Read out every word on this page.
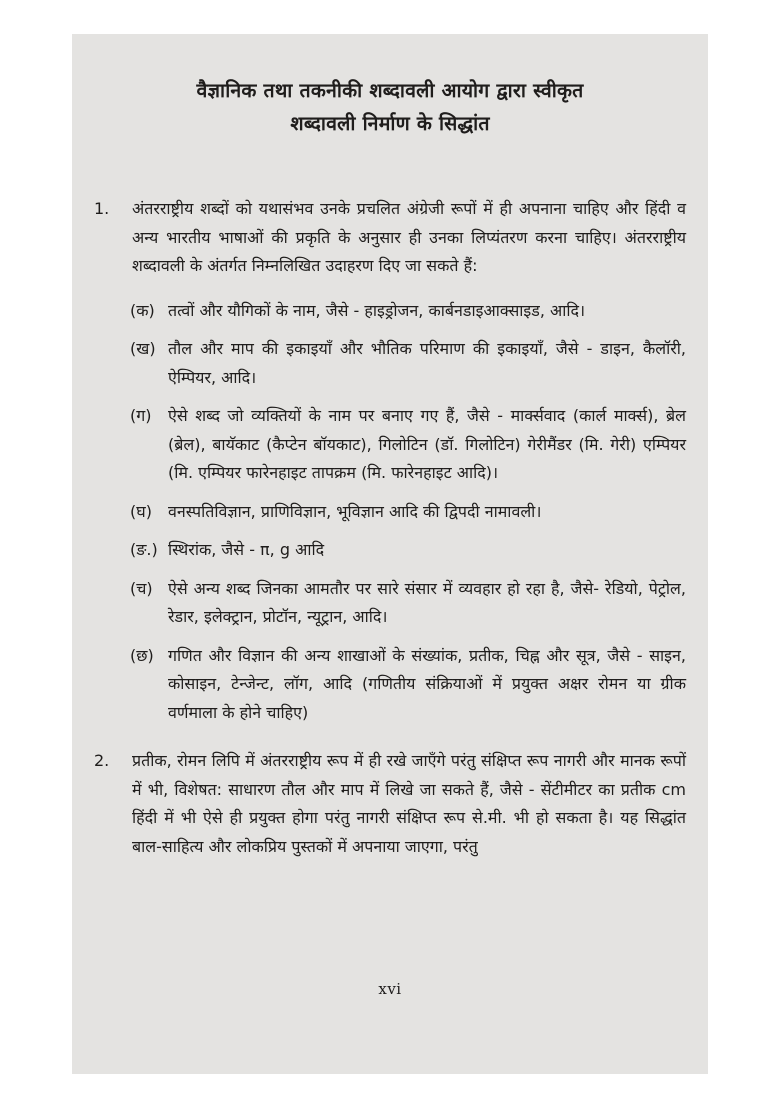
वैज्ञानिक तथा तकनीकी शब्दावली आयोग द्वारा स्वीकृत
शब्दावली निर्माण के सिद्धांत
1. अंतरराष्ट्रीय शब्दों को यथासंभव उनके प्रचलित अंग्रेजी रूपों में ही अपनाना चाहिए और हिंदी व अन्य भारतीय भाषाओं की प्रकृति के अनुसार ही उनका लिप्यंतरण करना चाहिए। अंतरराष्ट्रीय शब्दावली के अंतर्गत निम्नलिखित उदाहरण दिए जा सकते हैं:
(क) तत्वों और यौगिकों के नाम, जैसे - हाइड्रोजन, कार्बनडाइआक्साइड, आदि।
(ख) तौल और माप की इकाइयाँ और भौतिक परिमाण की इकाइयाँ, जैसे - डाइन, कैलॉरी, ऐम्पियर, आदि।
(ग) ऐसे शब्द जो व्यक्तियों के नाम पर बनाए गए हैं, जैसे - मार्क्सवाद (कार्ल मार्क्स), ब्रेल (ब्रेल), बायॅकाट (कैप्टेन बॉयकाट), गिलोटिन (डॉ. गिलोटिन) गेरीमैंडर (मि. गेरी) एम्पियर (मि. एम्पियर फारेनहाइट तापक्रम (मि. फारेनहाइट आदि)।
(घ) वनस्पतिविज्ञान, प्राणिविज्ञान, भूविज्ञान आदि की द्विपदी नामावली।
(ङ.) स्थिरांक, जैसे - π, g आदि
(च) ऐसे अन्य शब्द जिनका आमतौर पर सारे संसार में व्यवहार हो रहा है, जैसे- रेडियो, पेट्रोल, रेडार, इलेक्ट्रान, प्रोटॉन, न्यूट्रान, आदि।
(छ) गणित और विज्ञान की अन्य शाखाओं के संख्यांक, प्रतीक, चिह्न और सूत्र, जैसे - साइन, कोसाइन, टेन्जेन्ट, लॉग, आदि (गणितीय संक्रियाओं में प्रयुक्त अक्षर रोमन या ग्रीक वर्णमाला के होने चाहिए)
2. प्रतीक, रोमन लिपि में अंतरराष्ट्रीय रूप में ही रखे जाएँगे परंतु संक्षिप्त रूप नागरी और मानक रूपों में भी, विशेषत: साधारण तौल और माप में लिखे जा सकते हैं, जैसे - सेंटीमीटर का प्रतीक cm हिंदी में भी ऐसे ही प्रयुक्त होगा परंतु नागरी संक्षिप्त रूप से.मी. भी हो सकता है। यह सिद्धांत बाल-साहित्य और लोकप्रिय पुस्तकों में अपनाया जाएगा, परंतु
xvi
